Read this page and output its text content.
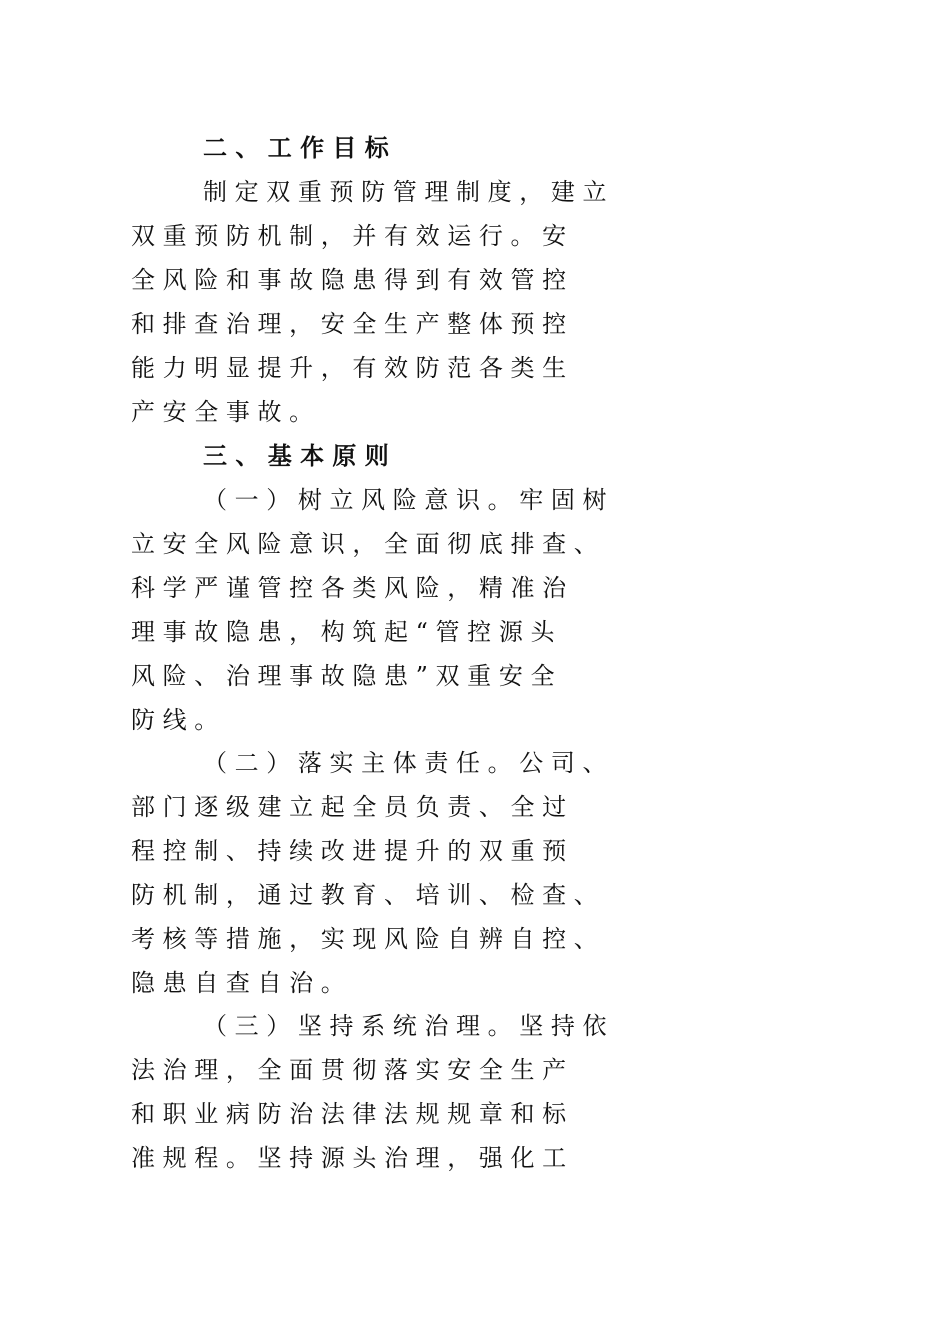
二 、 工 作 目 标

制 定 双 重 预 防 管 理 制 度 ， 建 立

双 重 预 防 机 制 ， 并 有 效 运 行 。 安

全 风 险 和 事 故 隐 患 得 到 有 效 管 控

和 排 查 治 理 ， 安 全 生 产 整 体 预 控

能 力 明 显 提 升 ， 有 效 防 范 各 类 生

产 安 全 事 故 。

三 、 基 本 原 则

（ 一 ） 树 立 风 险 意 识 。 牢 固 树

立 安 全 风 险 意 识 ， 全 面 彻 底 排 查 、

科 学 严 谨 管 控 各 类 风 险 ， 精 准 治

理 事 故 隐 患 ， 构 筑 起 “ 管 控 源 头

风 险 、 治 理 事 故 隐 患 ” 双 重 安 全

防 线 。

（ 二 ） 落 实 主 体 责 任 。 公 司 、

部 门 逐 级 建 立 起 全 员 负 责 、 全 过

程 控 制 、 持 续 改 进 提 升 的 双 重 预

防 机 制 ， 通 过 教 育 、 培 训 、 检 查 、

考 核 等 措 施 ， 实 现 风 险 自 辨 自 控 、

隐 患 自 查 自 治 。

（ 三 ） 坚 持 系 统 治 理 。 坚 持 依

法 治 理 ， 全 面 贯 彻 落 实 安 全 生 产

和 职 业 病 防 治 法 律 法 规 规 章 和 标

准 规 程 。 坚 持 源 头 治 理 ， 强 化 工
